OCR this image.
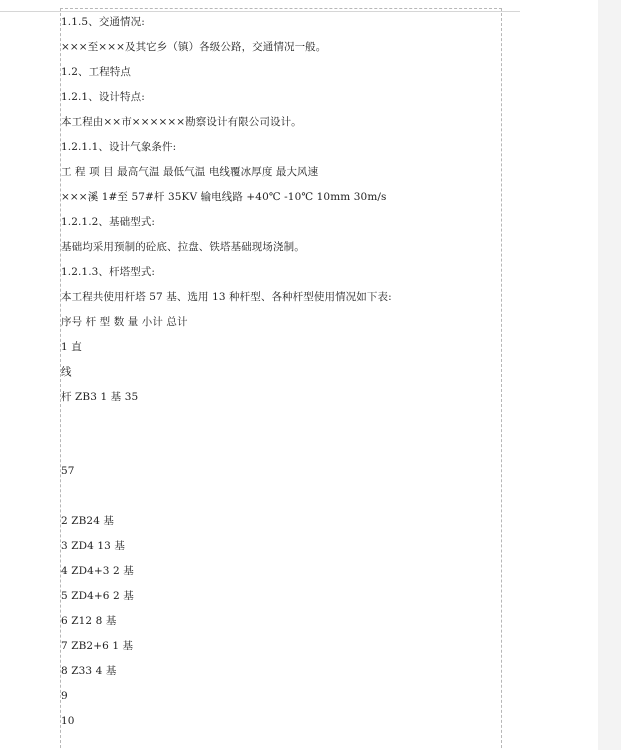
1.1.5、交通情况:
×××至×××及其它乡（镇）各级公路，交通情况一般。
1.2、工程特点
1.2.1、设计特点:
本工程由××市××××××勘察设计有限公司设计。
1.2.1.1、设计气象条件:
工 程 项 目 最高气温 最低气温 电线覆冰厚度 最大风速
×××溪 1#至 57#杆 35KV 输电线路 +40℃ -10℃ 10mm 30m/s
1.2.1.2、基础型式:
基础均采用预制的砼底、拉盘、铁塔基础现场浇制。
1.2.1.3、杆塔型式:
本工程共使用杆塔 57 基、选用 13 种杆型、各种杆型使用情况如下表:
序号 杆 型 数 量 小计 总计
1 直
线
杆 ZB3 1 基 35
57
2 ZB24 基
3 ZD4 13 基
4 ZD4+3 2 基
5 ZD4+6 2 基
6 Z12 8 基
7 ZB2+6 1 基
8 Z33 4 基
9
10
